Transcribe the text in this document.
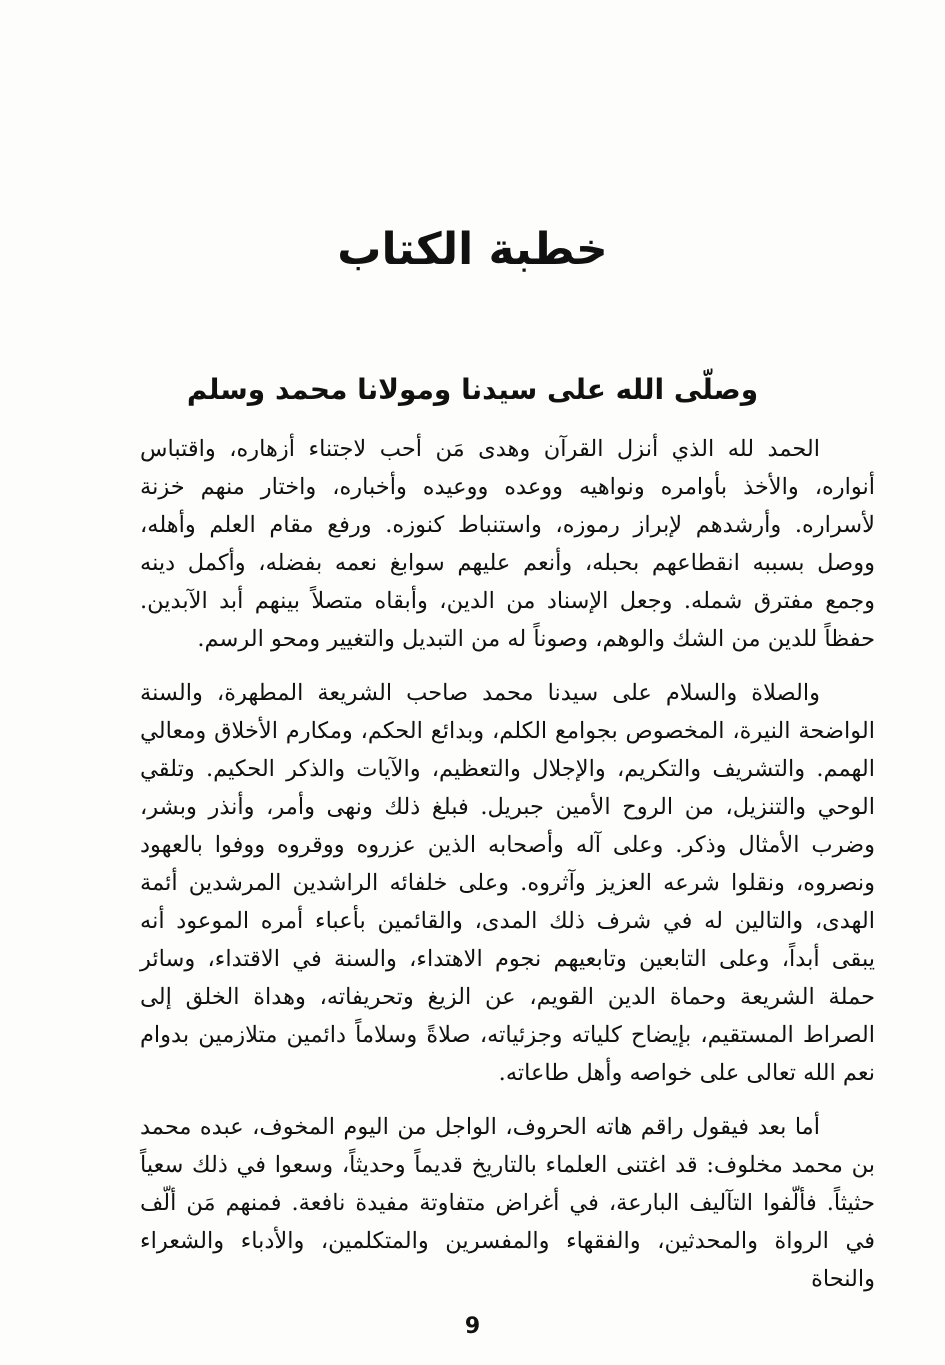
خطبة الكتاب
وصلّى الله على سيدنا ومولانا محمد وسلم

الحمد لله الذي أنزل القرآن وهدى مَن أحب لاجتناء أزهاره، واقتباس أنواره، والأخذ بأوامره ونواهيه ووعده ووعيده وأخباره، واختار منهم خزنة لأسراره. وأرشدهم لإبراز رموزه، واستنباط كنوزه. ورفع مقام العلم وأهله، ووصل بسببه انقطاعهم بحبله، وأنعم عليهم سوابغ نعمه بفضله، وأكمل دينه وجمع مفترق شمله. وجعل الإسناد من الدين، وأبقاه متصلاً بينهم أبد الآبدين. حفظاً للدين من الشك والوهم، وصوناً له من التبديل والتغيير ومحو الرسم.

والصلاة والسلام على سيدنا محمد صاحب الشريعة المطهرة، والسنة الواضحة النيرة، المخصوص بجوامع الكلم، وبدائع الحكم، ومكارم الأخلاق ومعالي الهمم. والتشريف والتكريم، والإجلال والتعظيم، والآيات والذكر الحكيم. وتلقي الوحي والتنزيل، من الروح الأمين جبريل. فبلغ ذلك ونهى وأمر، وأنذر وبشر، وضرب الأمثال وذكر. وعلى آله وأصحابه الذين عزروه ووقروه ووفوا بالعهود ونصروه، ونقلوا شرعه العزيز وآثروه. وعلى خلفائه الراشدين المرشدين أئمة الهدى، والتالين له في شرف ذلك المدى، والقائمين بأعباء أمره الموعود أنه يبقى أبداً، وعلى التابعين وتابعيهم نجوم الاهتداء، والسنة في الاقتداء، وسائر حملة الشريعة وحماة الدين القويم، عن الزيغ وتحريفاته، وهداة الخلق إلى الصراط المستقيم، بإيضاح كلياته وجزئياته، صلاةً وسلاماً دائمين متلازمين بدوام نعم الله تعالى على خواصه وأهل طاعاته.

أما بعد فيقول راقم هاته الحروف، الواجل من اليوم المخوف، عبده محمد بن محمد مخلوف: قد اغتنى العلماء بالتاريخ قديماً وحديثاً، وسعوا في ذلك سعياً حثيثاً. فألّفوا التآليف البارعة، في أغراض متفاوتة مفيدة نافعة. فمنهم مَن ألّف في الرواة والمحدثين، والفقهاء والمفسرين والمتكلمين، والأدباء والشعراء والنحاة

9
